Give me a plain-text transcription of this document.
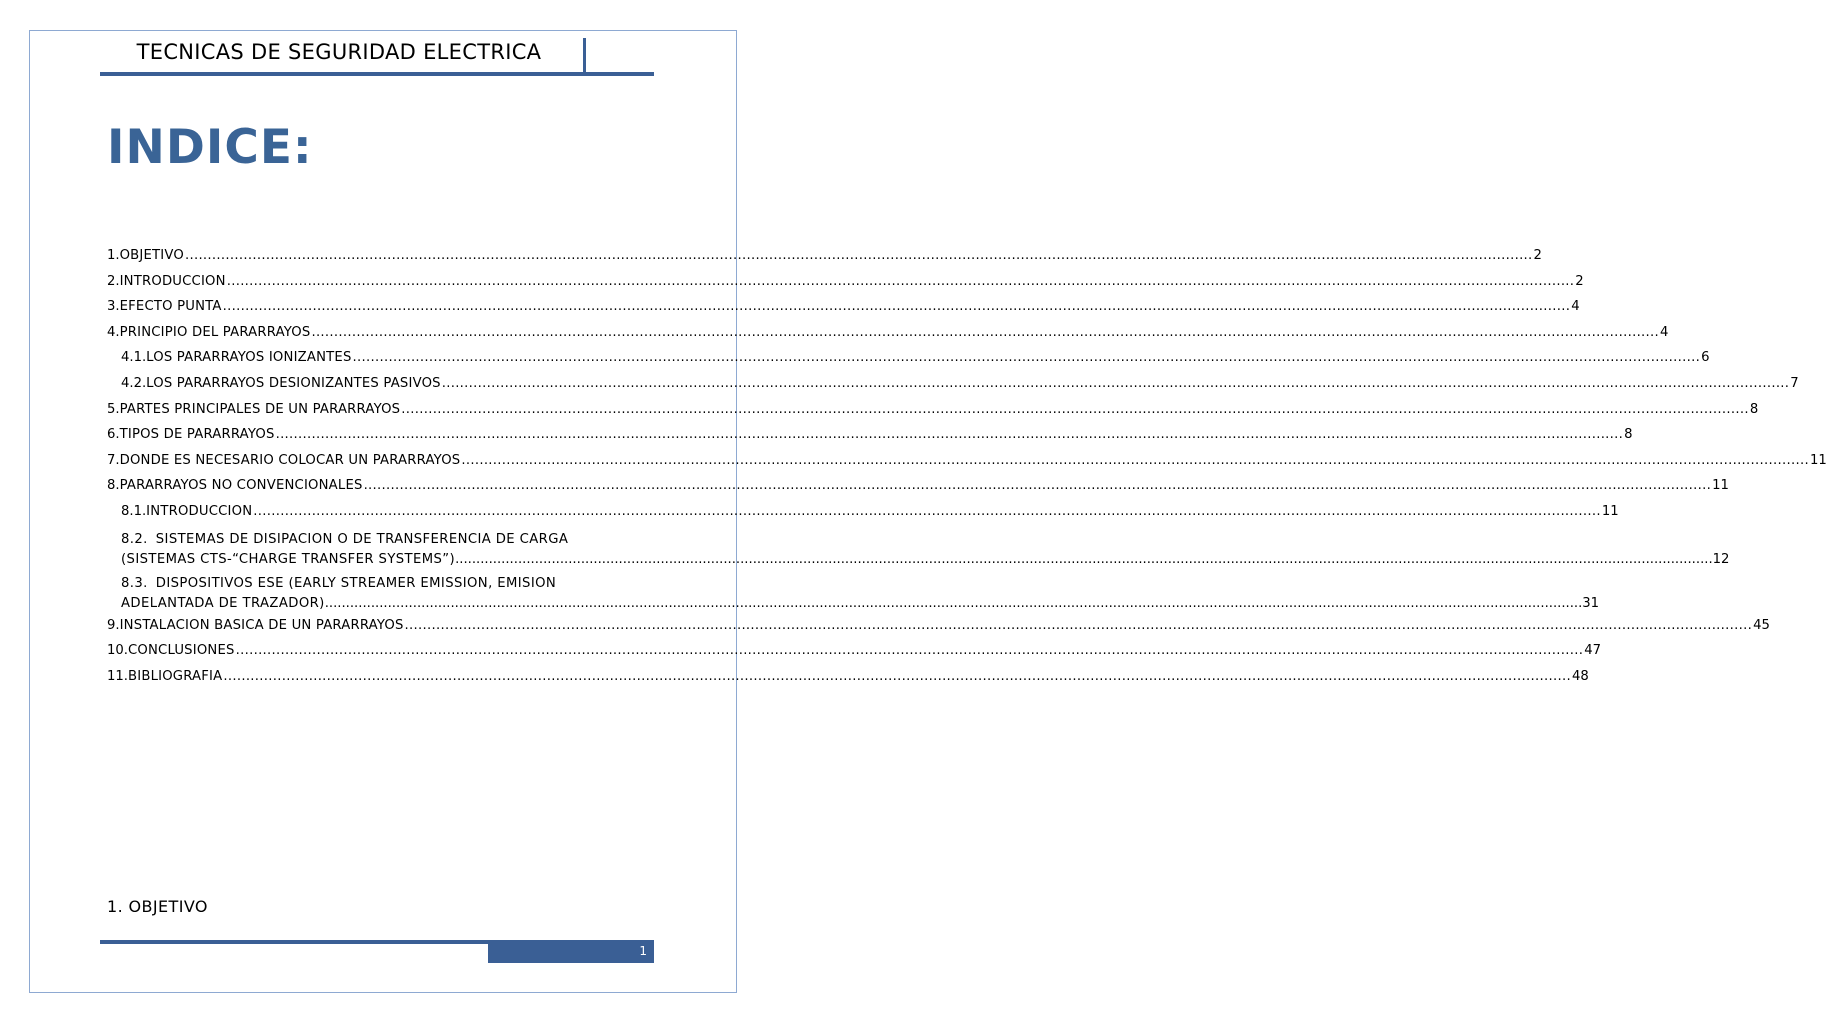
TECNICAS DE SEGURIDAD ELECTRICA
INDICE:
1. OBJETIVO ............................................................................................................................................................................................................................................................................................................ 2
2. INTRODUCCION ............................................................................................................................................................................................................................................................................................................ 2
3. EFECTO PUNTA ............................................................................................................................................................................................................................................................................................................ 4
4. PRINCIPIO DEL PARARRAYOS ............................................................................................................................................................................................................................................................................................................ 4
4.1. LOS PARARRAYOS IONIZANTES ............................................................................................................................................................................................................................................................................................................ 6
4.2. LOS PARARRAYOS DESIONIZANTES PASIVOS ............................................................................................................................................................................................................................................................................................................ 7
5. PARTES PRINCIPALES DE UN PARARRAYOS ............................................................................................................................................................................................................................................................................................................ 8
6. TIPOS DE PARARRAYOS ............................................................................................................................................................................................................................................................................................................ 8
7. DONDE ES NECESARIO COLOCAR UN PARARRAYOS ............................................................................................................................................................................................................................................................................................................ 11
8. PARARRAYOS NO CONVENCIONALES ............................................................................................................................................................................................................................................................................................................ 11
8.1. INTRODUCCION ............................................................................................................................................................................................................................................................................................................ 11
8.2. SISTEMAS DE DISIPACION O DE TRANSFERENCIA DE CARGA
(SISTEMAS CTS-“CHARGE TRANSFER SYSTEMS”) ............................................................................................................................................................................................................................................................................................................ 12
8.3. DISPOSITIVOS ESE (EARLY STREAMER EMISSION, EMISION
ADELANTADA DE TRAZADOR) ............................................................................................................................................................................................................................................................................................................ 31
9. INSTALACION BASICA DE UN PARARRAYOS ............................................................................................................................................................................................................................................................................................................ 45
10. CONCLUSIONES ............................................................................................................................................................................................................................................................................................................ 47
11. BIBLIOGRAFIA ............................................................................................................................................................................................................................................................................................................ 48
1. OBJETIVO
1
